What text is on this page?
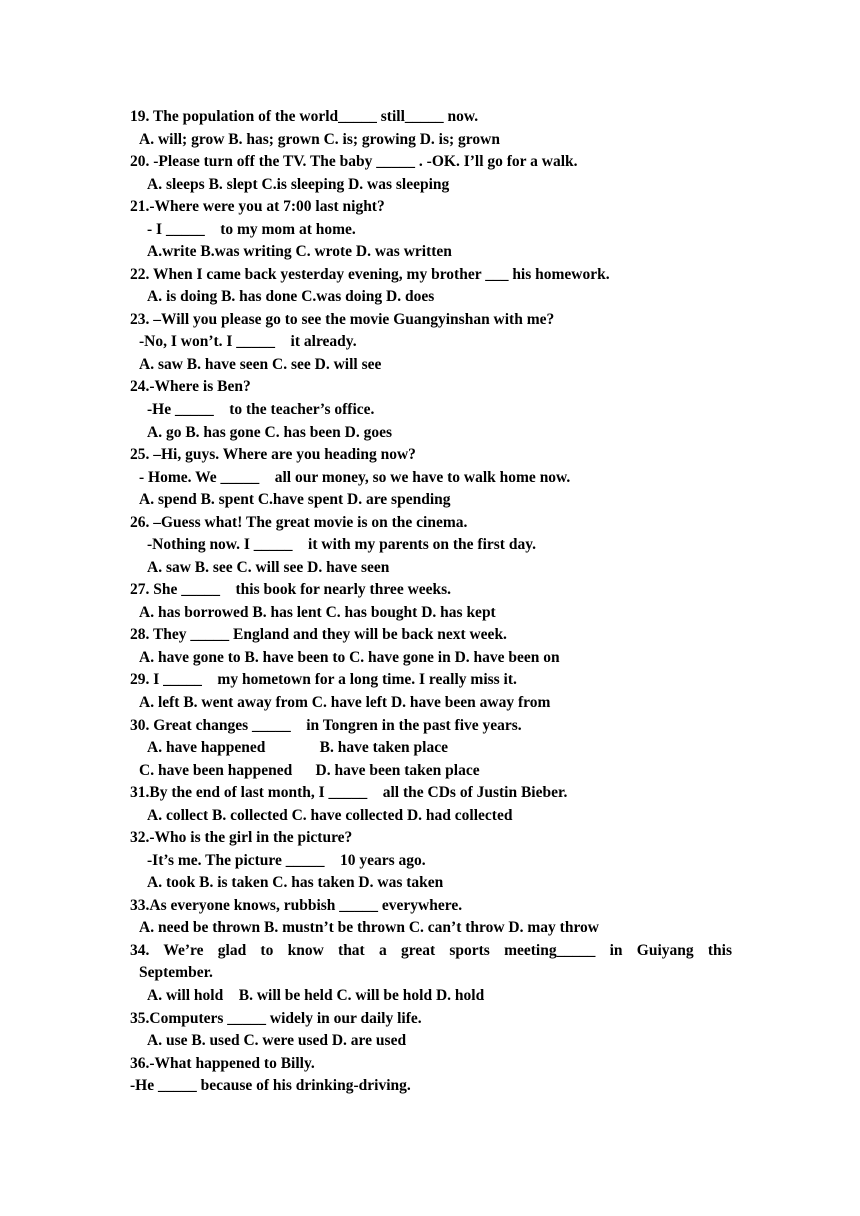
19. The population of the world_____ still_____ now.
A. will; grow B. has; grown C. is; growing D. is; grown
20. -Please turn off the TV. The baby _____ . -OK. I’ll go for a walk.
A. sleeps B. slept C.is sleeping D. was sleeping
21.-Where were you at 7:00 last night?
- I _____    to my mom at home.
A.write B.was writing C. wrote D. was written
22. When I came back yesterday evening, my brother ___ his homework.
A. is doing B. has done C.was doing D. does
23. –Will you please go to see the movie Guangyinshan with me?
-No, I won’t. I _____    it already.
A. saw B. have seen C. see D. will see
24.-Where is Ben?
-He _____    to the teacher’s office.
A. go B. has gone C. has been D. goes
25. –Hi, guys. Where are you heading now?
- Home. We _____    all our money, so we have to walk home now.
A. spend B. spent C.have spent D. are spending
26. –Guess what! The great movie is on the cinema.
-Nothing now. I _____    it with my parents on the first day.
A. saw B. see C. will see D. have seen
27. She _____    this book for nearly three weeks.
A. has borrowed B. has lent C. has bought D. has kept
28. They _____ England and they will be back next week.
A. have gone to B. have been to C. have gone in D. have been on
29. I _____    my hometown for a long time. I really miss it.
A. left B. went away from C. have left D. have been away from
30. Great changes _____    in Tongren in the past five years.
A. have happened              B. have taken place
C. have been happened      D. have been taken place
31.By the end of last month, I _____    all the CDs of Justin Bieber.
A. collect B. collected C. have collected D. had collected
32.-Who is the girl in the picture?
-It’s me. The picture _____    10 years ago.
A. took B. is taken C. has taken D. was taken
33.As everyone knows, rubbish _____ everywhere.
A. need be thrown B. mustn’t be thrown C. can’t throw D. may throw
34. We’re glad to know that a great sports meeting_____ in Guiyang this
September.
A. will hold    B. will be held C. will be hold D. hold
35.Computers _____ widely in our daily life.
A. use B. used C. were used D. are used
36.-What happened to Billy.
-He _____ because of his drinking-driving.
